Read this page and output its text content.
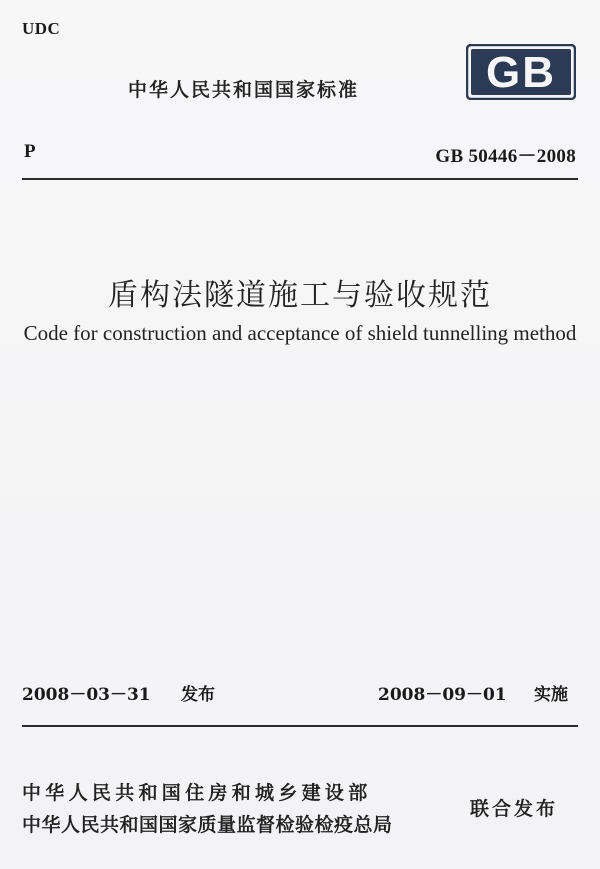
UDC
中华人民共和国国家标准	GB
P	GB 50446－2008
盾构法隧道施工与验收规范
Code for construction and acceptance of shield tunnelling method
2008－03－31 发布	2008－09－01 实施
中华人民共和国住房和城乡建设部
中华人民共和国国家质量监督检验检疫总局
联合发布
